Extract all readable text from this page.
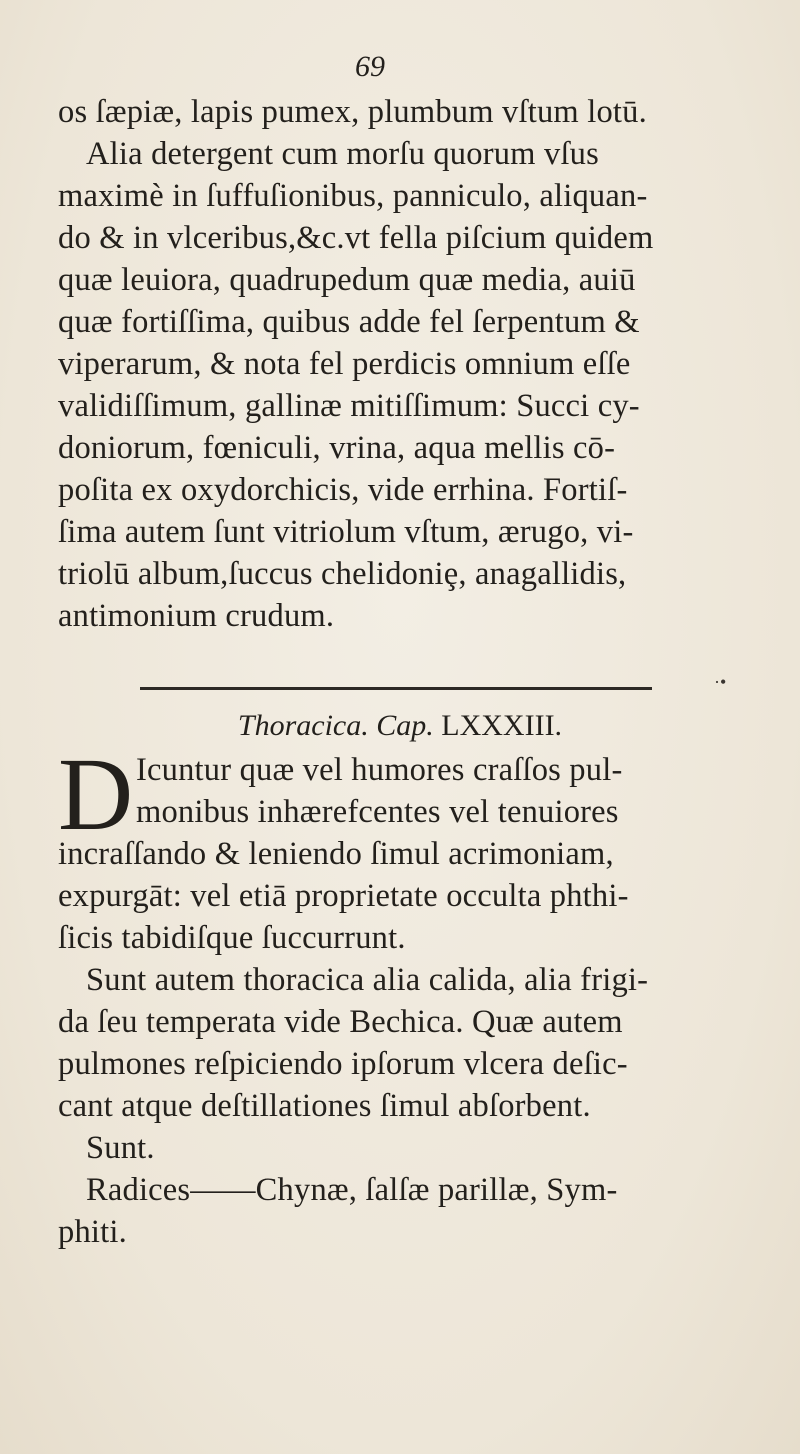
69
os ſæpiæ, lapis pumex, plumbum vſtum lotū.
Alia detergent cum morſu quorum vſus
maximè in ſuffuſionibus, panniculo, aliquan-
do & in vlceribus,&c.vt fella piſcium quidem
quæ leuiora, quadrupedum quæ media, auiū
quæ fortiſſima, quibus adde fel ſerpentum &
viperarum, & nota fel perdicis omnium eſſe
validiſſimum, gallinæ mitiſſimum: Succi cy-
doniorum, fœniculi, vrina, aqua mellis cō-
poſita ex oxydorchicis, vide errhina. Fortiſ-
ſima autem ſunt vitriolum vſtum, ærugo, vi-
triolū album,ſuccus chelidoniȩ, anagallidis,
antimonium crudum.
·•
Thoracica. Cap. LXXXIII.
D Icuntur quæ vel humores craſſos pul-
monibus inhærefcentes vel tenuiores
incraſſando & leniendo ſimul acrimoniam,
expurgāt: vel etiā proprietate occulta phthi-
ſicis tabidiſque ſuccurrunt.
Sunt autem thoracica alia calida, alia frigi-
da ſeu temperata vide Bechica. Quæ autem
pulmones reſpiciendo ipſorum vlcera deſic-
cant atque deſtillationes ſimul abſorbent.
Sunt.
Radices——Chynæ, ſalſæ parillæ, Sym-
phiti.
